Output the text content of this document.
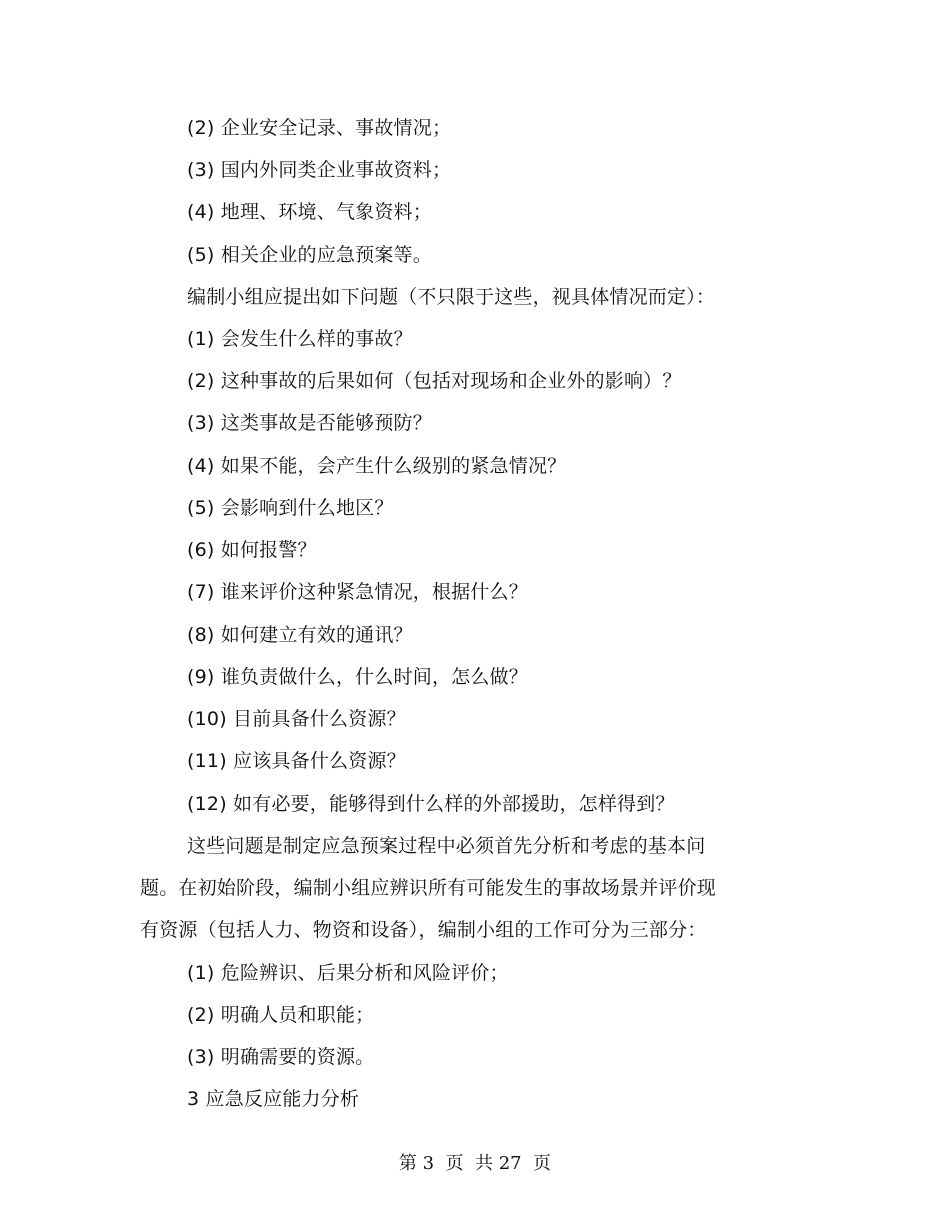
(2) 企业安全记录、事故情况；
(3) 国内外同类企业事故资料；
(4) 地理、环境、气象资料；
(5) 相关企业的应急预案等。
编制小组应提出如下问题（不只限于这些，视具体情况而定）：
(1) 会发生什么样的事故？
(2) 这种事故的后果如何（包括对现场和企业外的影响）？
(3) 这类事故是否能够预防？
(4) 如果不能，会产生什么级别的紧急情况？
(5) 会影响到什么地区？
(6) 如何报警？
(7) 谁来评价这种紧急情况，根据什么？
(8) 如何建立有效的通讯？
(9) 谁负责做什么，什么时间，怎么做？
(10) 目前具备什么资源？
(11) 应该具备什么资源？
(12) 如有必要，能够得到什么样的外部援助，怎样得到？
这些问题是制定应急预案过程中必须首先分析和考虑的基本问
题。在初始阶段，编制小组应辨识所有可能发生的事故场景并评价现
有资源（包括人力、物资和设备），编制小组的工作可分为三部分：
(1) 危险辨识、后果分析和风险评价；
(2) 明确人员和职能；
(3) 明确需要的资源。
3 应急反应能力分析
第 3  页  共 27  页
